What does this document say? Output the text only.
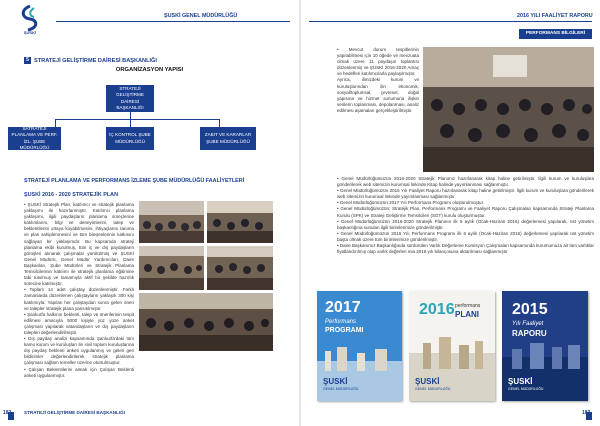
ŞUSKİ
ŞUSKİ GENEL MÜDÜRLÜĞÜ
5 STRATEJİ GELİŞTİRME DAİRESİ BAŞKANLIĞI
ORGANİZASYON YAPISI
STRATEJİ GELİŞTİRME DAİRESİ BAŞKANLIĞI
SATRATEJİ PLANLAMA VE PERF. İZL. ŞUBE MÜDÜRLÜĞÜ
İÇ KONTROL ŞUBE MÜDÜRLÜĞÜ
ZABIT VE KARARLAR ŞUBE MÜDÜRLÜĞÜ
STRATEJİ PLANLAMA VE PERFORMANS İZLEME ŞUBE MÜDÜRLÜĞÜ FAALİYETLERİ
ŞUSKİ 2016 - 2020 STRATEJİK PLAN

• ŞUSKİ Stratejik Plan, katılımcı ve stratejik planlama yaklaşımı ile hazırlanmıştır. Katılımcı planlama yaklaşımı, ilgili paydaşların planlama süreçlerine katılımlarını, bilgi ve deneyimlerini, talep ve beklentilerini ortaya koyabilmesini, ihtiyaçlarını tanıma ve plan sahiplenmesini ve tüm bileşenlerinin katkısını sağlayan bir yaklaşımdır. Bu kapsamda strateji planlama ekibi kurulmuş, tüm iç ve dış paydaşların görüşleri alınarak çalışmalar yürütülmüş ve ŞUSKİ Genel Müdürü, Genel Müdür Yardımcıları, Daire Başkanları, Şube Müdürleri ve Stratejik Planlama Temsilcilerinin katılımı ile stratejik planlama eğitimine tabi tutulmuş ve tamamıyla aktif bir şekilde hazırlık sürecine katılmıştır.

• Toplam 14 adet çalıştay düzenlenmiştir. Farklı zamanlarda düzenlenen çalıştayların yaklaşık 300 kişi katılımıyla: Yapılan her çalıştaydan sonra gelen öneri ve talepler stratejik plana yansıtılmıştır.

• Şanlıurfa halkının beklenti, talep ve önerilerinin tespit edilmesi amacıyla 5000 kişiyle yüz yüze anket çalışması yapılarak vatandaşların ve dış paydaşların talepleri değerlendirilmiştir.

• Dış paydaş analizi kapsamında Şanlıurfa'daki tüm kamu kurum ve kuruluşları ile sivil toplum kuruluşlarına dış paydaş beklenti anketi uygulanmış ve gelen geri bildirimler değerlendirilerek stratejik planlama çalışması sağlam temeller üzerine oturtulmuştur.

• Çalışan Beklentilerini almak için Çalışan Beklenti anketi uygulanmıştır.

182	STRATEJİ GELİŞTİRME DAİRESİ BAŞKANLIĞI
2016 YILI FAALİYET RAPORU
PERFORMANS BİLGİLERİ

• Mevcut durum tespitlerinin yapılabilmesi için 10 öğede ve mevzuata olmak üzere 11 paydaşın toplantısı düzenlenmiş ve ŞUSKİ 2016-2020 Amaç ve hedefleri katılımcılarla paylaşılmıştır.

Ayrıca, ilimizdeki kurum ve kuruluşlarından ilin ekonomik, sosyal/toplumsal, çevresel, doğal yapısına ve hizmet sunumuna ilişkin verilerin toplanması, depolanması, analiz edilmesi aşamaları gerçekleştirilmiştir.

• Genel Müdürlüğümüzün 2016-2020 Stratejik Planımız hazırlanarak kitap haline getirilmiştir. İlgili kurum ve kuruluşlara gönderilerek web sitemizin kurumsal linkinde Kitap halinde yayımlanması sağlanmıştır.

• Genel Müdürlüğümüzün 2015 Yılı Faaliyet Raporu hazırlanarak kitap haline getirilmiştir. İlgili kurum ve kuruluşlara gönderilerek web sitemizin kurumsal linkinde yayımlanması sağlanmıştır.

• Genel Müdürlüğümüzün 2017 Yılı Performans Programı oluşturulmuştur.

• Genel Müdürlüğümüzün; Stratejik Plan, Performans Programı ve Faaliyet Raporu Çalışmaları kapsamında Strateji Planlama Kurulu (SPK) ve Strateji Geliştirme Temsilcileri (SGT) kurulu oluşturmuştur.

• Genel Müdürlüğümüzün 2016-2020 Stratejik Planının ilk 6 aylık (Ocak-Haziran 2016) değerlemesi yapılarak, üst yönetim başkanlığına sunulan ilgili birimlerimize gönderilmiştir.

• Genel Müdürlüğümüzün 2016 Yılı Performans Programı ilk 6 aylık (Ocak-Haziran 2016) değerlemesi yapılarak üst yönetim başta olmak üzere tüm birimlerimize gönderilmiştir.

• Daire Başkanımız Başkanlığında sürdürülen Varlık Değerleme Komisyon Çalışmaları kapsamında kurumumuza ait tüm varlıklar fiyatlandırılmış olup varlık değerleri mia 2016 yılı bilançosuna aktarılması sağlanmıştır.

2017
Performans
PROGRAMI
ŞUSKİ
GENEL MÜDÜRLÜĞÜ
2016 performans
PLANI
ŞUSKİ
GENEL MÜDÜRLÜĞÜ
2015
Yılı Faaliyet
RAPORU
ŞUSKİ
GENEL MÜDÜRLÜĞÜ
183
